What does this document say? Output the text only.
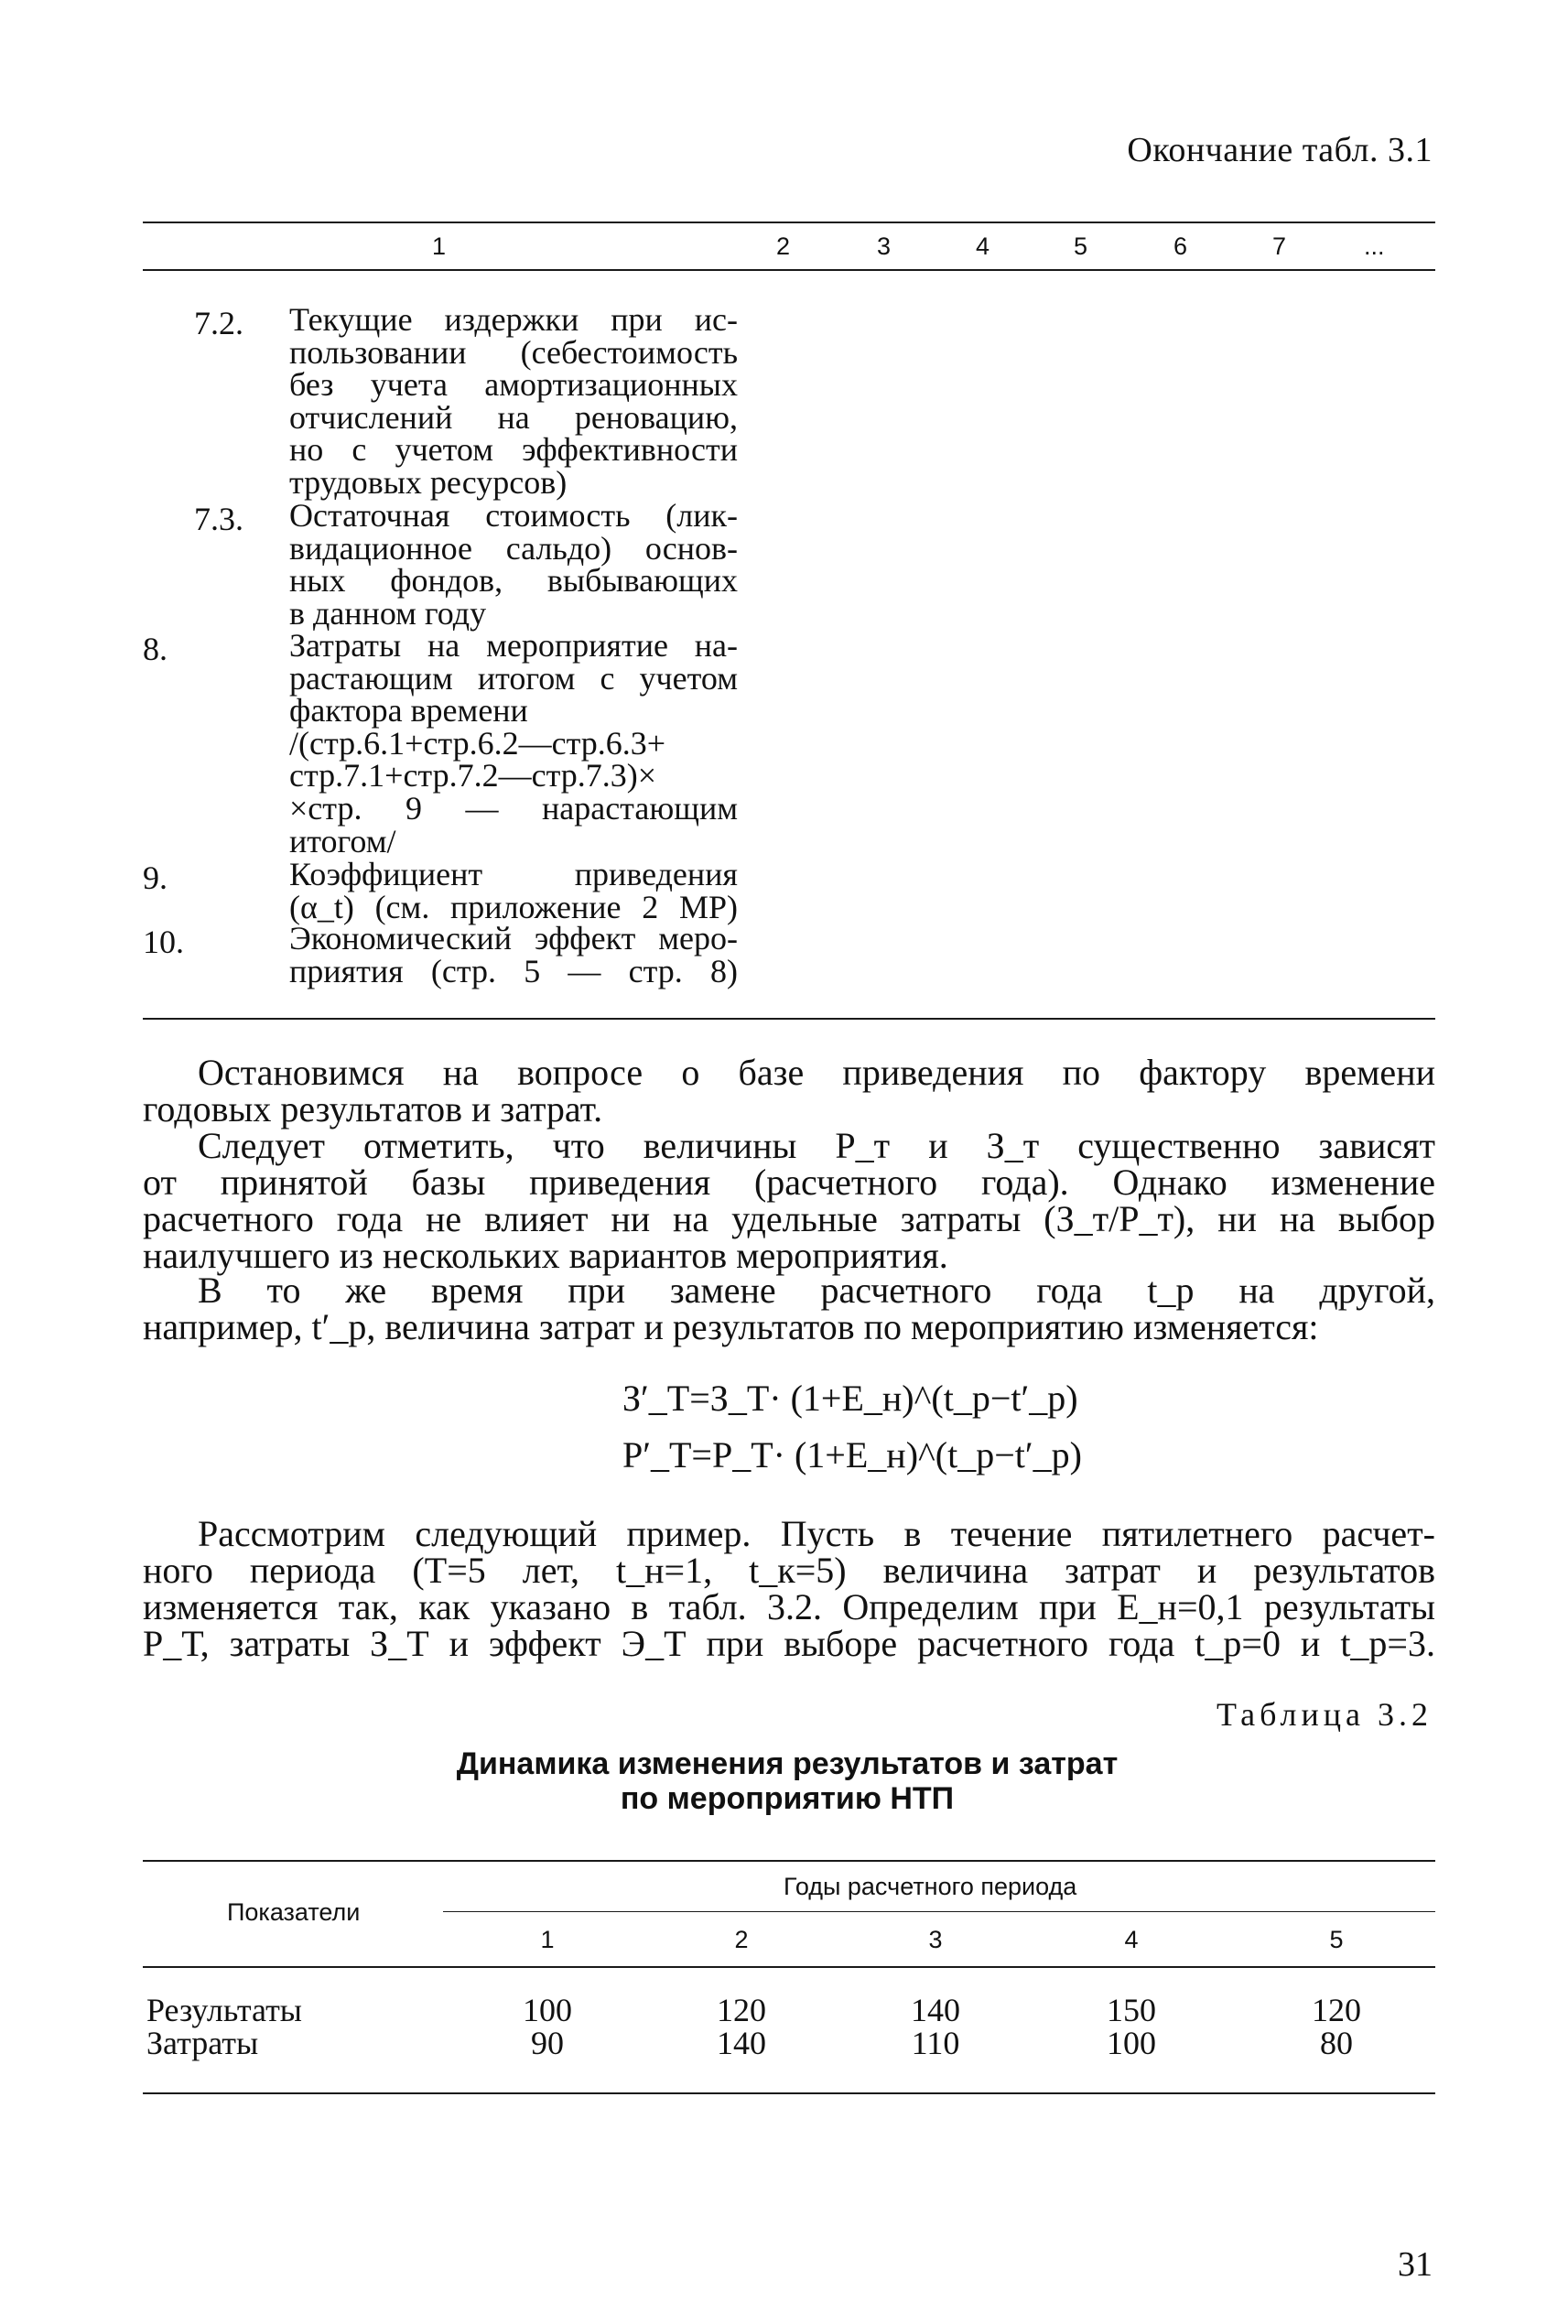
Окончание табл. 3.1
1	2	3	4	5	6	7	...
7.2. Текущие издержки при ис-
пользовании (себестоимость
без учета амортизационных
отчислений на реновацию,
но с учетом эффективности
трудовых ресурсов)
7.3. Остаточная стоимость (лик-
видационное сальдо) основ-
ных фондов, выбывающих
в данном году
8.	Затраты на мероприятие на-
растающим итогом с учетом
фактора времени
/(стр.6.1+стр.6.2—стр.6.3+
стр.7.1+стр.7.2—стр.7.3)×
×стр. 9 — нарастающим
итогом/
9.	Коэффициент приведения
(α_t) (см. приложение 2 МР)
10.	Экономический эффект меро-
приятия (стр. 5 — стр. 8)
Остановимся на вопросе о базе приведения по фактору времени
годовых результатов и затрат.
Следует отметить, что величины Р_т и З_т существенно зависят
от принятой базы приведения (расчетного года). Однако изменение
расчетного года не влияет ни на удельные затраты (З_т/Р_т), ни на выбор
наилучшего из нескольких вариантов мероприятия.
В то же время при замене расчетного года t_р на другой,
например, t′_р, величина затрат и результатов по мероприятию изменяется:
З′_Т=З_Т· (1+Е_н)^(t_р−t′_р)
Р′_Т=Р_Т· (1+Е_н)^(t_р−t′_р)
Рассмотрим следующий пример. Пусть в течение пятилетнего расчет-
ного периода (Т=5 лет, t_н=1, t_к=5) величина затрат и результатов
изменяется так, как указано в табл. 3.2. Определим при Е_н=0,1 результаты
Р_Т, затраты З_Т и эффект Э_Т при выборе расчетного года t_р=0 и t_р=3.
Таблица 3.2
Динамика изменения результатов и затрат
по мероприятию НТП
Показатели
Годы расчетного периода
1	2	3	4	5
Результаты	100	120	140	150	120
Затраты	90	140	110	100	80
31
